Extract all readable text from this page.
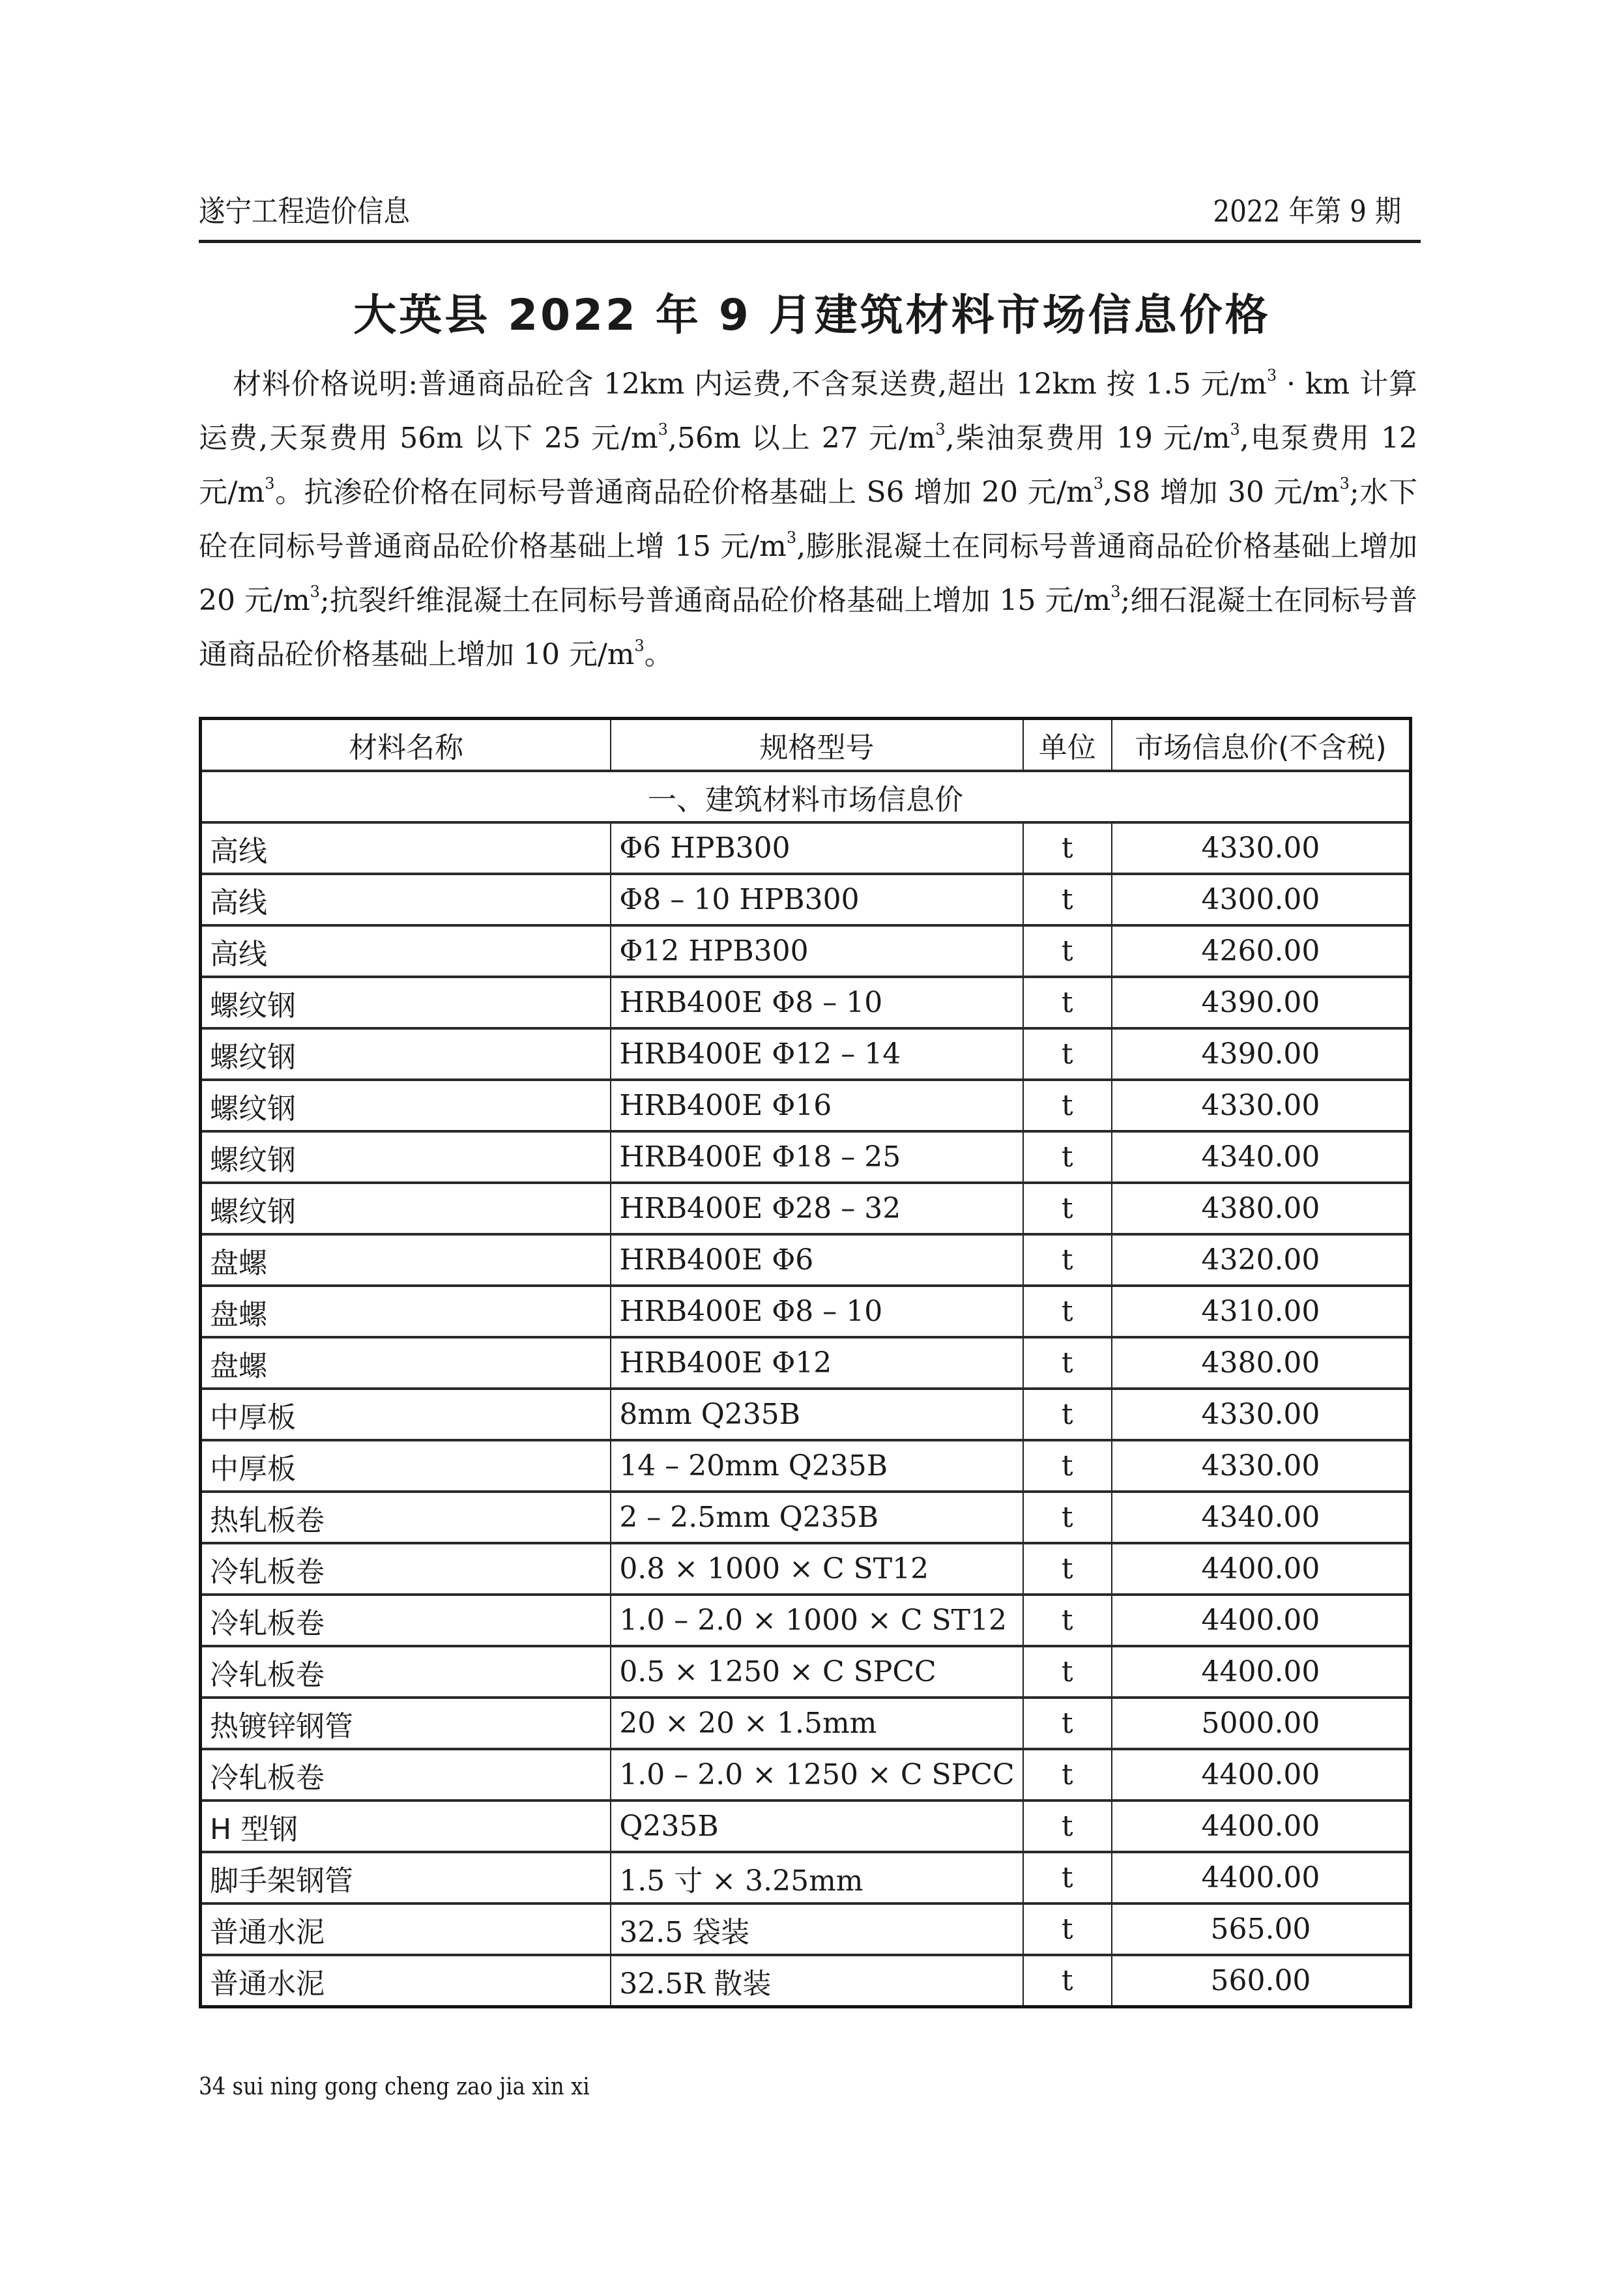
遂宁工程造价信息	2022 年第 9 期
大英县 2022 年 9 月建筑材料市场信息价格
材料价格说明:普通商品砼含 12km 内运费,不含泵送费,超出 12km 按 1.5 元$/m^3$ · km 计算运费,天泵费用 56m 以下 25 元$/m^3,56m$ 以上 27 元$/m^3$,柴油泵费用 19 元$/m^3$,电泵费用 12 元$/m^3$。抗渗砼价格在同标号普通商品砼价格基础上 S6 增加 20 元$/m^3,S8$ 增加 30 元$/m^3$;水下砼在同标号普通商品砼价格基础上增 15 元$/m^3$,膨胀混凝土在同标号普通商品砼价格基础上增加 20 元$/m^3$;抗裂纤维混凝土在同标号普通商品砼价格基础上增加 15 元$/m^3$;细石混凝土在同标号普通商品砼价格基础上增加 10 元$/m^3$。
材料名称	规格型号	单位	市场信息价(不含税)
一、建筑材料市场信息价			
高线	Φ6 HPB300	t	4330.00
高线	Φ8 – 10 HPB300	t	4300.00
高线	Φ12 HPB300	t	4260.00
螺纹钢	HRB400E Φ8 – 10	t	4390.00
螺纹钢	HRB400E Φ12 – 14	t	4390.00
螺纹钢	HRB400E Φ16	t	4330.00
螺纹钢	HRB400E Φ18 – 25	t	4340.00
螺纹钢	HRB400E Φ28 – 32	t	4380.00
盘螺	HRB400E Φ6	t	4320.00
盘螺	HRB400E Φ8 – 10	t	4310.00
盘螺	HRB400E Φ12	t	4380.00
中厚板	8mm Q235B	t	4330.00
中厚板	14 – 20mm Q235B	t	4330.00
热轧板卷	2 – 2.5mm Q235B	t	4340.00
冷轧板卷	0.8 × 1000 × C ST12	t	4400.00
冷轧板卷	1.0 – 2.0 × 1000 × C ST12	t	4400.00
冷轧板卷	0.5 × 1250 × C SPCC	t	4400.00
热镀锌钢管	20 × 20 × 1.5mm	t	5000.00
冷轧板卷	1.0 – 2.0 × 1250 × C SPCC	t	4400.00
H 型钢	Q235B	t	4400.00
脚手架钢管	1.5 寸 × 3.25mm	t	4400.00
普通水泥	32.5 袋装	t	565.00
普通水泥	32.5R 散装	t	560.00
34 sui ning gong cheng zao jia xin xi
